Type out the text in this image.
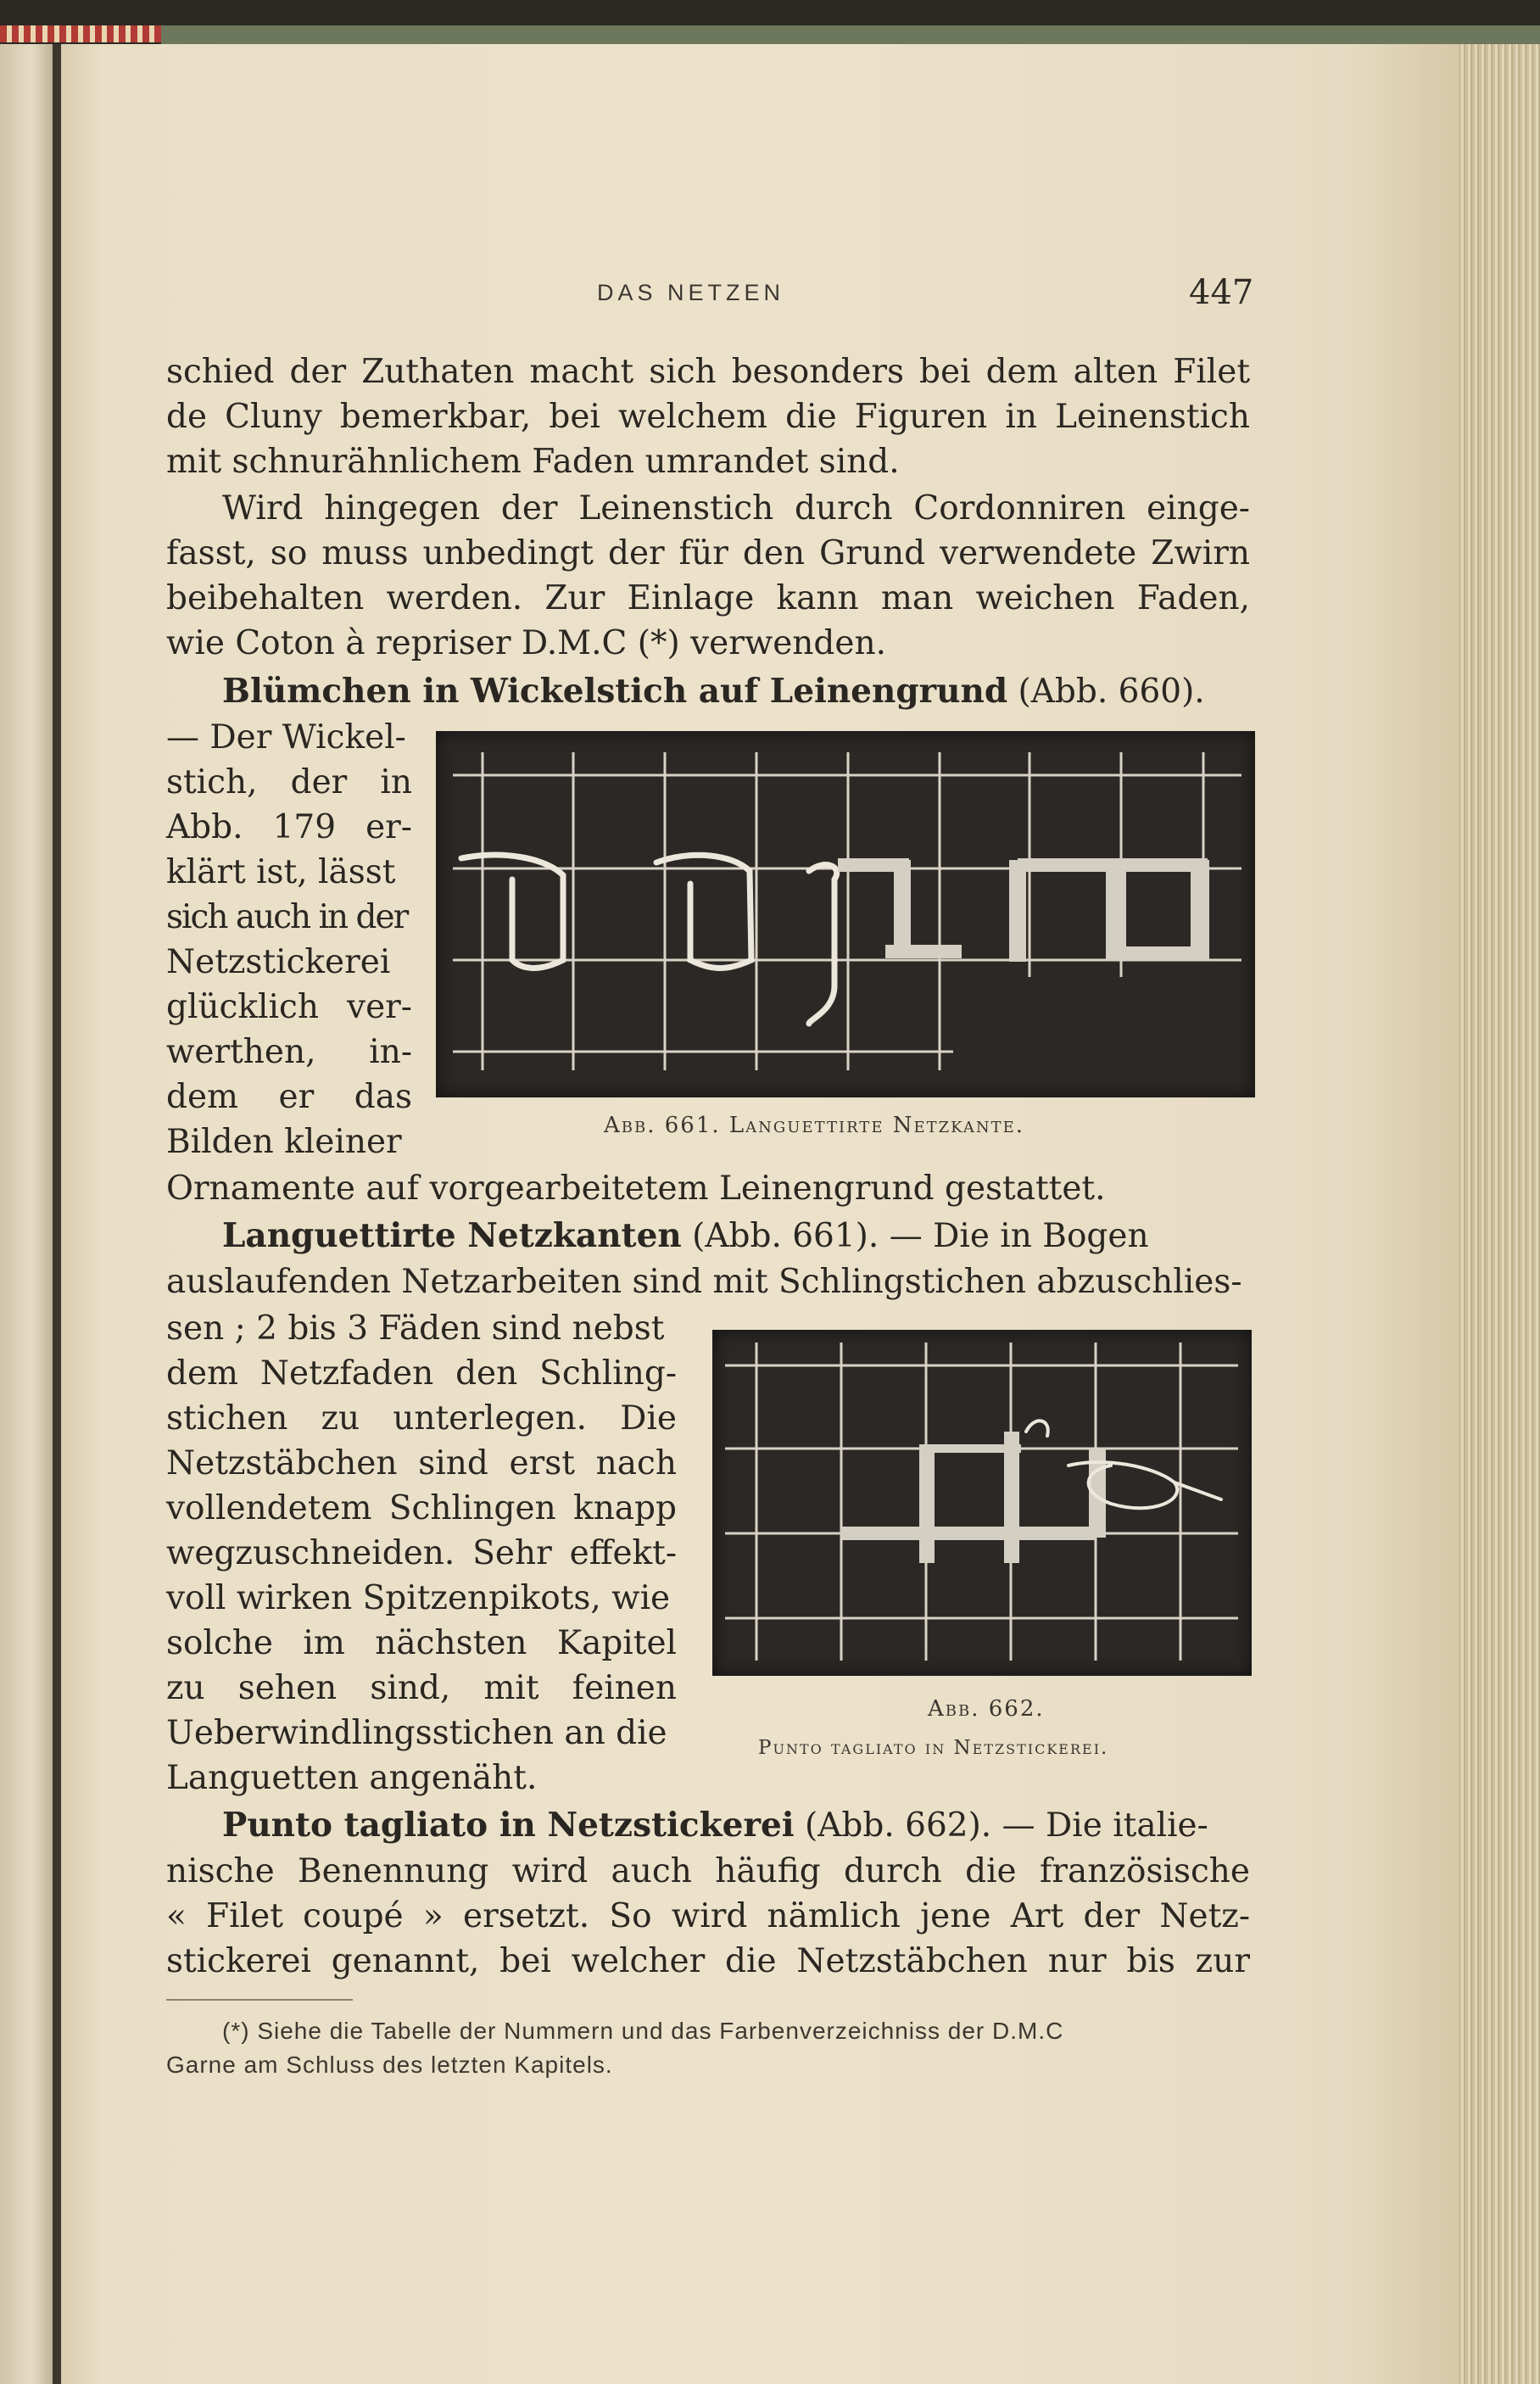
DAS NETZEN	447
schied der Zuthaten macht sich besonders bei dem alten Filet
de Cluny bemerkbar, bei welchem die Figuren in Leinenstich
mit schnurähnlichem Faden umrandet sind.
Wird hingegen der Leinenstich durch Cordonniren einge-
fasst, so muss unbedingt der für den Grund verwendete Zwirn
beibehalten werden. Zur Einlage kann man weichen Faden,
wie Coton à repriser D.M.C (*) verwenden.
Blümchen in Wickelstich auf Leinengrund (Abb. 660).
— Der Wickel-
stich, der in
Abb. 179 er-
klärt ist, lässt
sich auch in der
Netzstickerei
glücklich ver-
werthen, in-
dem er das
Bilden kleiner
Ornamente auf vorgearbeitetem Leinengrund gestattet.
Abb. 661. Languettirte Netzkante.
Languettirte Netzkanten (Abb. 661). — Die in Bogen
auslaufenden Netzarbeiten sind mit Schlingstichen abzuschlies-
sen ; 2 bis 3 Fäden sind nebst
dem Netzfaden den Schling-
stichen zu unterlegen. Die
Netzstäbchen sind erst nach
vollendetem Schlingen knapp
wegzuschneiden. Sehr effekt-
voll wirken Spitzenpikots, wie
solche im nächsten Kapitel
zu sehen sind, mit feinen
Ueberwindlingsstichen an die
Languetten angenäht.
Abb. 662.
Punto tagliato in Netzstickerei.
Punto tagliato in Netzstickerei (Abb. 662). — Die italie-
nische Benennung wird auch häufig durch die französische
« Filet coupé » ersetzt. So wird nämlich jene Art der Netz-
stickerei genannt, bei welcher die Netzstäbchen nur bis zur
(*) Siehe die Tabelle der Nummern und das Farbenverzeichniss der D.M.C
Garne am Schluss des letzten Kapitels.
